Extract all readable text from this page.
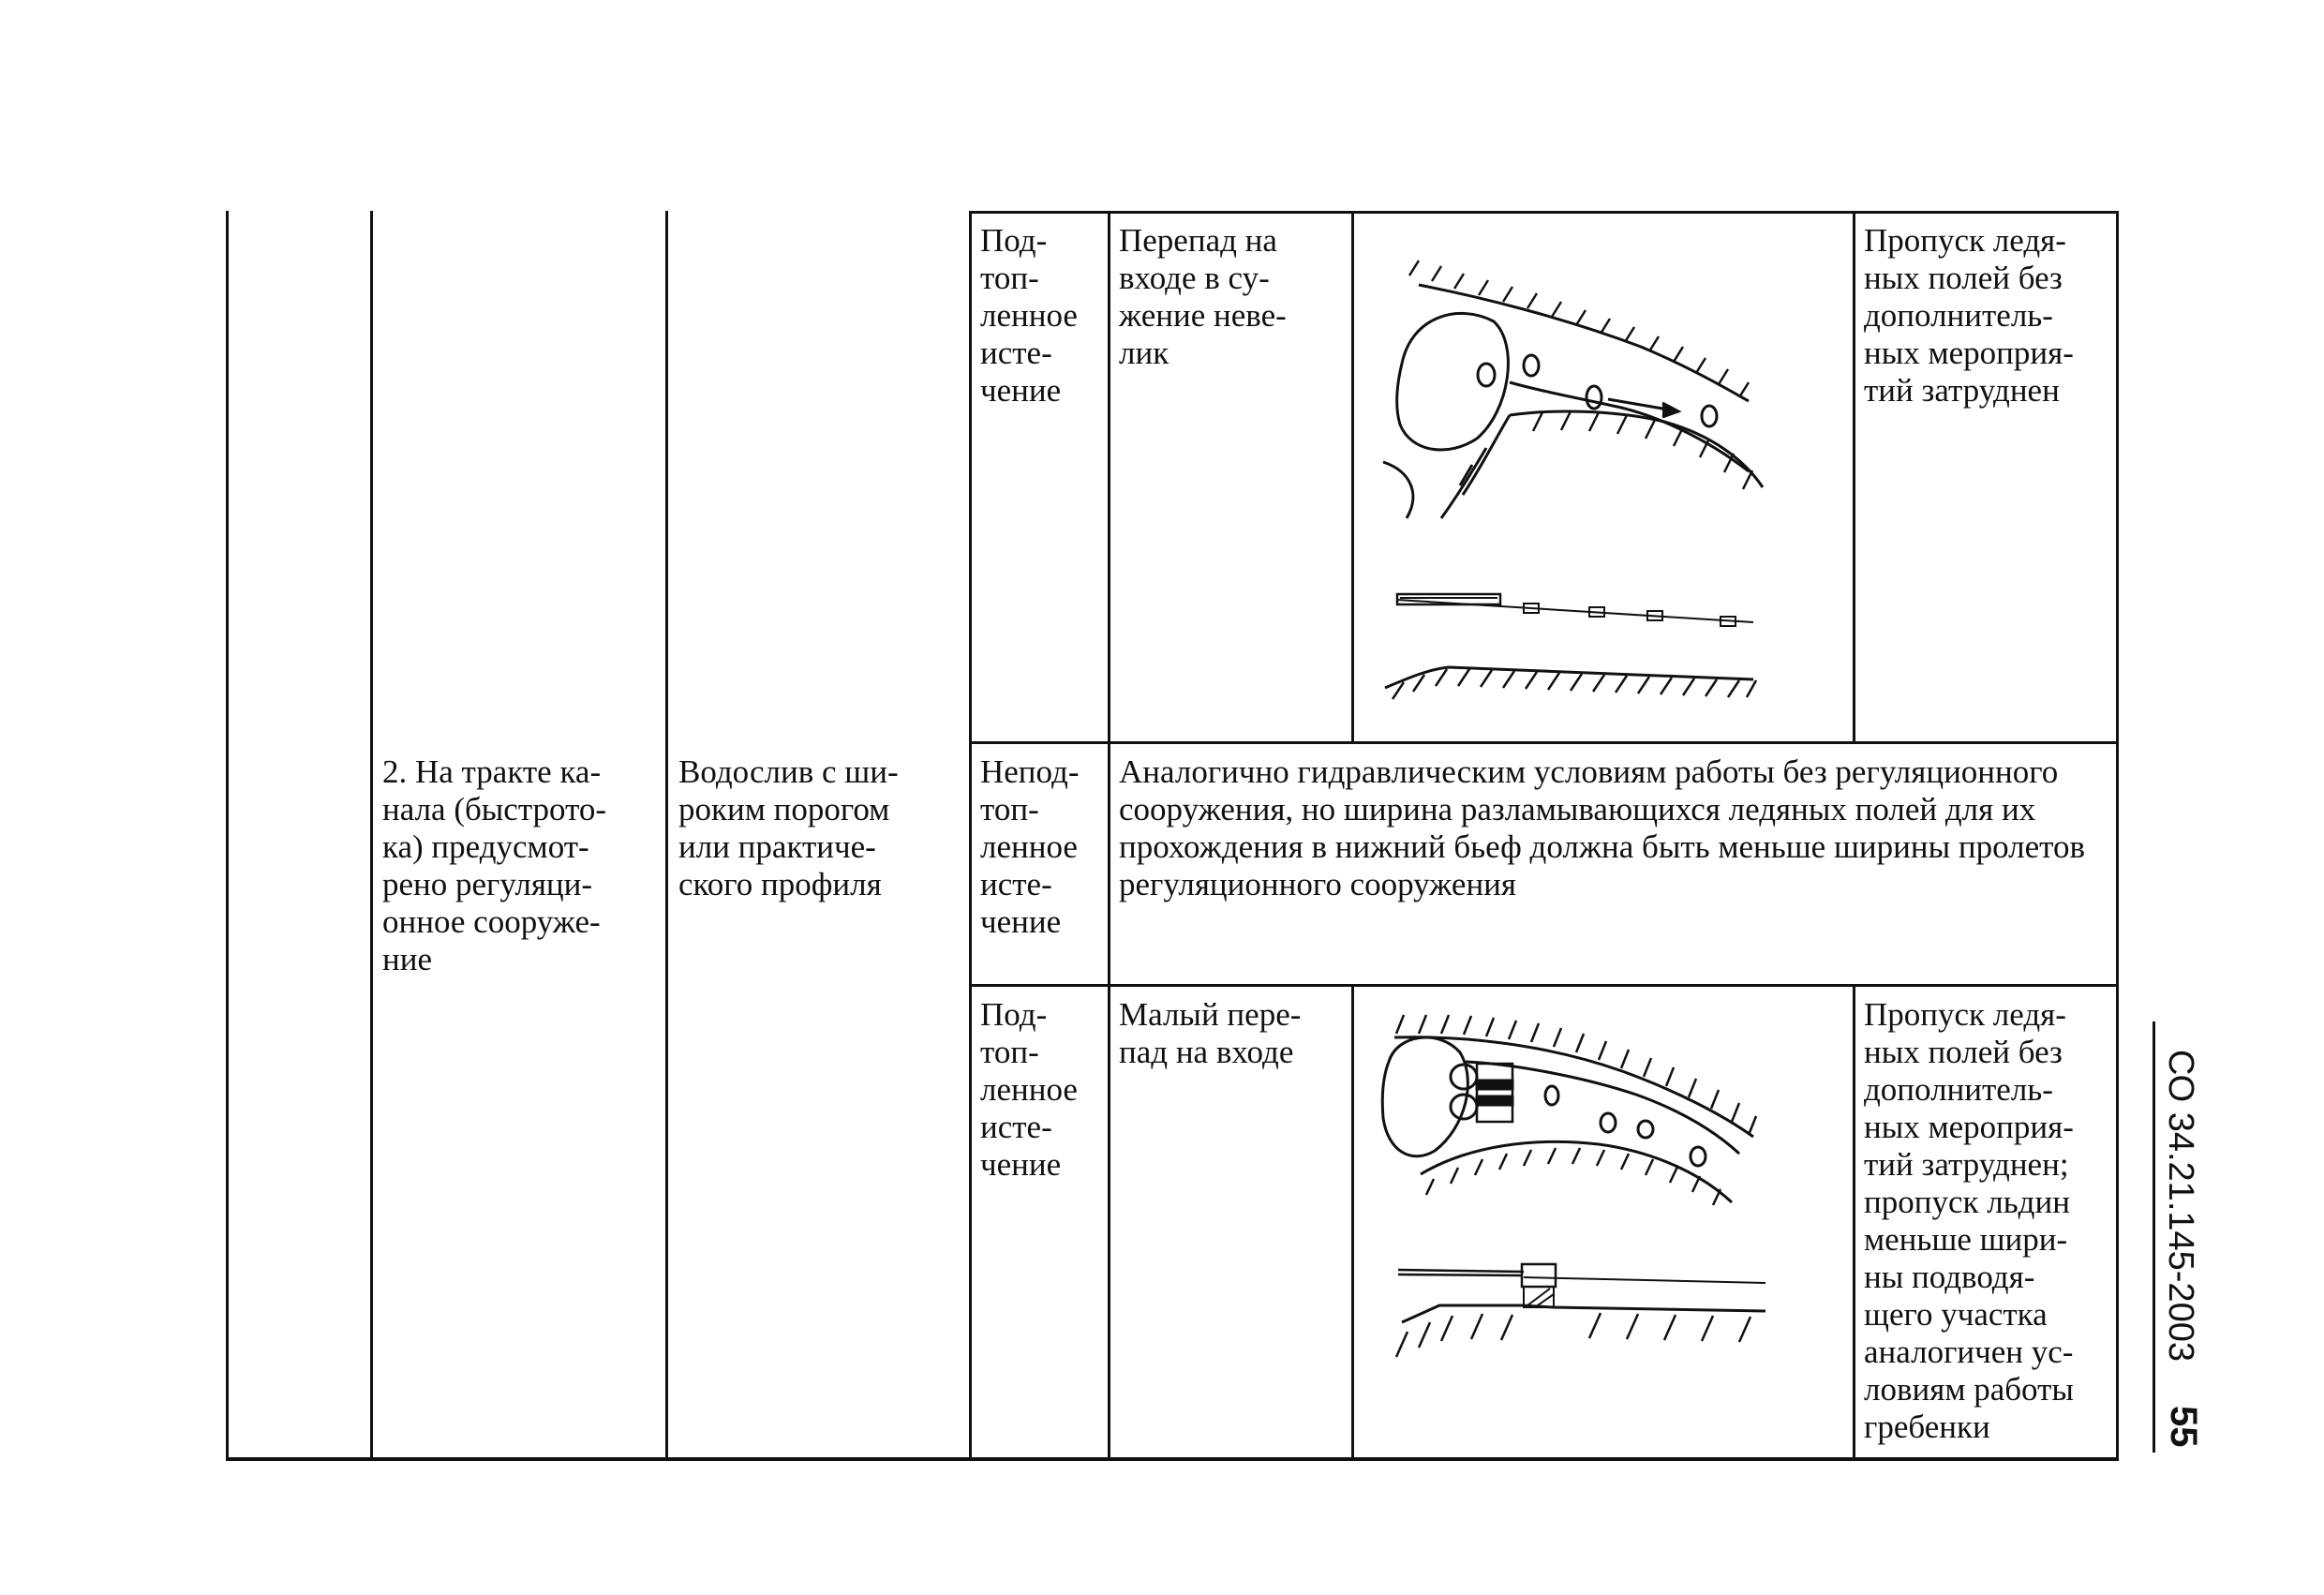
2. На тракте ка-
нала (быстрото-
ка) предусмот-
рено регуляци-
онное сооруже-
ние
Водослив с ши-
роким порогом
или практиче-
ского профиля
Под-
топ-
ленное
исте-
чение
Перепад на
входе в су-
жение неве-
лик
Пропуск ледя-
ных полей без
дополнитель-
ных мероприя-
тий затруднен
Непод-
топ-
ленное
исте-
чение
Аналогично гидравлическим условиям работы без регуляционного сооружения, но ширина разламывающихся ледяных полей для их прохождения в нижний бьеф должна быть меньше ширины пролетов регуляционного сооружения
Под-
топ-
ленное
исте-
чение
Малый пере-
пад на входе
Пропуск ледя-
ных полей без
дополнитель-
ных мероприя-
тий затруднен;
пропуск льдин
меньше шири-
ны подводя-
щего участка
аналогичен ус-
ловиям работы
гребенки
СО 34.21.145-2003
55
